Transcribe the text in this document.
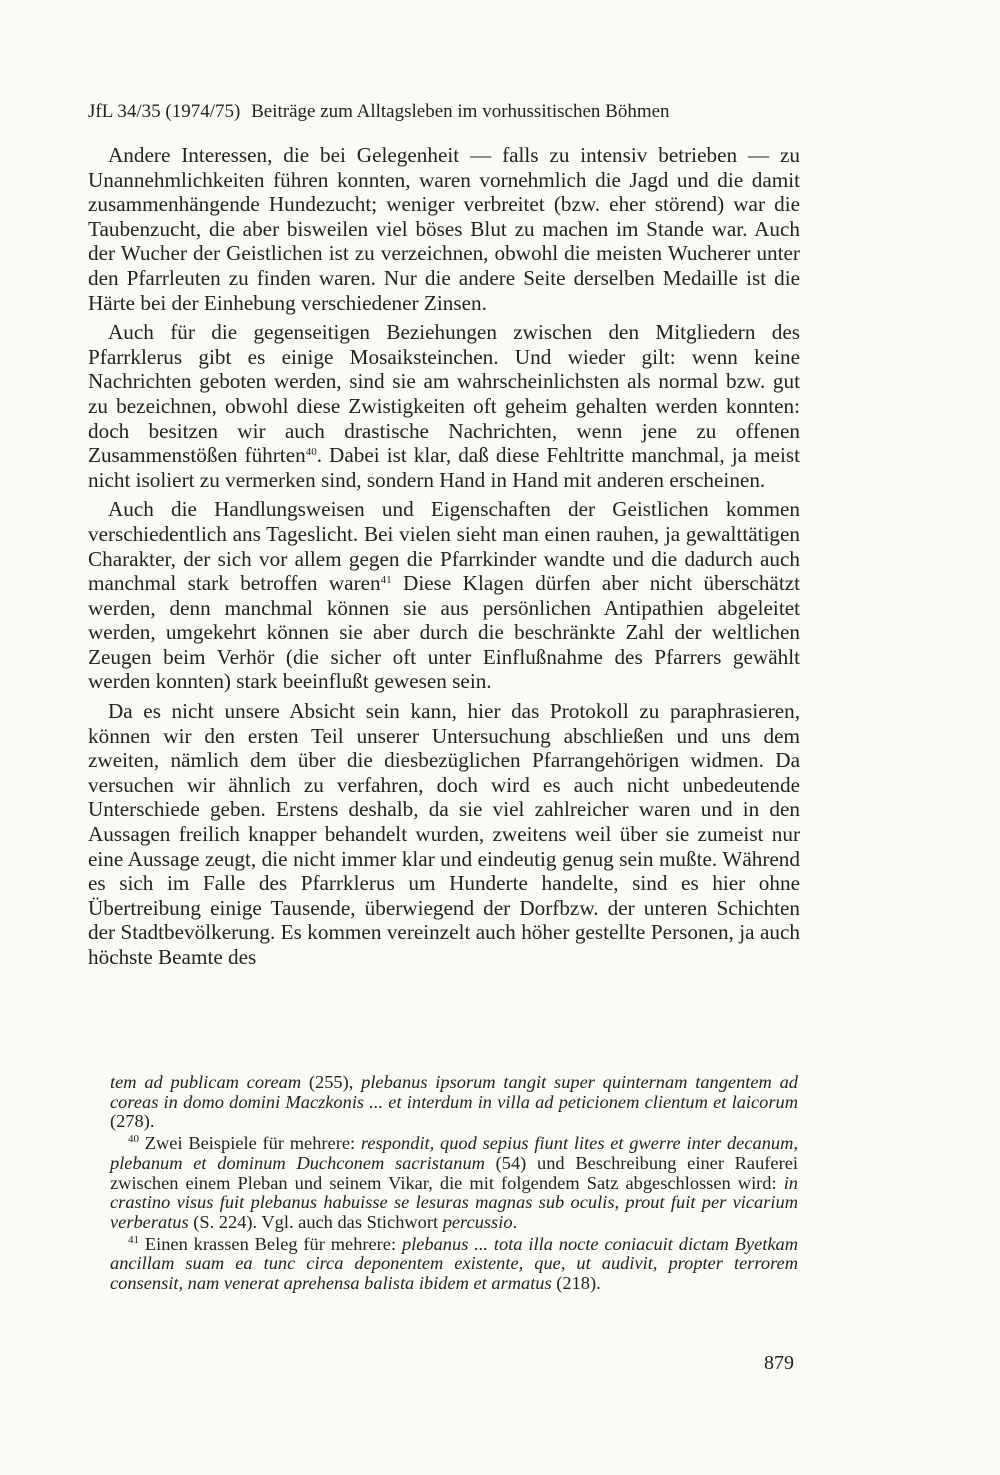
JfL 34/35 (1974/75) Beiträge zum Alltagsleben im vorhussitischen Böhmen

Andere Interessen, die bei Gelegenheit — falls zu intensiv betrieben — zu Unannehmlichkeiten führen konnten, waren vornehmlich die Jagd und die damit zusammenhängende Hundezucht; weniger verbreitet (bzw. eher störend) war die Taubenzucht, die aber bisweilen viel böses Blut zu machen im Stande war. Auch der Wucher der Geistlichen ist zu verzeichnen, obwohl die meisten Wucherer unter den Pfarrleuten zu finden waren. Nur die andere Seite derselben Medaille ist die Härte bei der Einhebung verschiedener Zinsen.

Auch für die gegenseitigen Beziehungen zwischen den Mitgliedern des Pfarrklerus gibt es einige Mosaiksteinchen. Und wieder gilt: wenn keine Nachrichten geboten werden, sind sie am wahrscheinlichsten als normal bzw. gut zu bezeichnen, obwohl diese Zwistigkeiten oft geheim gehalten werden konnten: doch besitzen wir auch drastische Nachrichten, wenn jene zu offenen Zusammenstößen führten$^{40}$. Dabei ist klar, daß diese Fehltritte manchmal, ja meist nicht isoliert zu vermerken sind, sondern Hand in Hand mit anderen erscheinen.

Auch die Handlungsweisen und Eigenschaften der Geistlichen kommen verschiedentlich ans Tageslicht. Bei vielen sieht man einen rauhen, ja gewalttätigen Charakter, der sich vor allem gegen die Pfarrkinder wandte und die dadurch auch manchmal stark betroffen waren$^{41}$ Diese Klagen dürfen aber nicht überschätzt werden, denn manchmal können sie aus persönlichen Antipathien abgeleitet werden, umgekehrt können sie aber durch die beschränkte Zahl der weltlichen Zeugen beim Verhör (die sicher oft unter Einflußnahme des Pfarrers gewählt werden konnten) stark beeinflußt gewesen sein.

Da es nicht unsere Absicht sein kann, hier das Protokoll zu paraphrasieren, können wir den ersten Teil unserer Untersuchung abschließen und uns dem zweiten, nämlich dem über die diesbezüglichen Pfarrangehörigen widmen. Da versuchen wir ähnlich zu verfahren, doch wird es auch nicht unbedeutende Unterschiede geben. Erstens deshalb, da sie viel zahlreicher waren und in den Aussagen freilich knapper behandelt wurden, zweitens weil über sie zumeist nur eine Aussage zeugt, die nicht immer klar und eindeutig genug sein mußte. Während es sich im Falle des Pfarrklerus um Hunderte handelte, sind es hier ohne Übertreibung einige Tausende, überwiegend der Dorfbzw. der unteren Schichten der Stadtbevölkerung. Es kommen vereinzelt auch höher gestellte Personen, ja auch höchste Beamte des

tem ad publicam coream (255), plebanus ipsorum tangit super quinternam tangentem ad coreas in domo domini Maczkonis ... et interdum in villa ad peticionem clientum et laicorum (278).

$^{40}$ Zwei Beispiele für mehrere: respondit, quod sepius fiunt lites et gwerre inter decanum, plebanum et dominum Duchconem sacristanum (54) und Beschreibung einer Rauferei zwischen einem Pleban und seinem Vikar, die mit folgendem Satz abgeschlossen wird: in crastino visus fuit plebanus habuisse se lesuras magnas sub oculis, prout fuit per vicarium verberatus (S. 224). Vgl. auch das Stichwort percussio.

$^{41}$ Einen krassen Beleg für mehrere: plebanus ... tota illa nocte coniacuit dictam Byetkam ancillam suam ea tunc circa deponentem existente, que, ut audivit, propter terrorem consensit, nam venerat aprehensa balista ibidem et armatus (218).

879
